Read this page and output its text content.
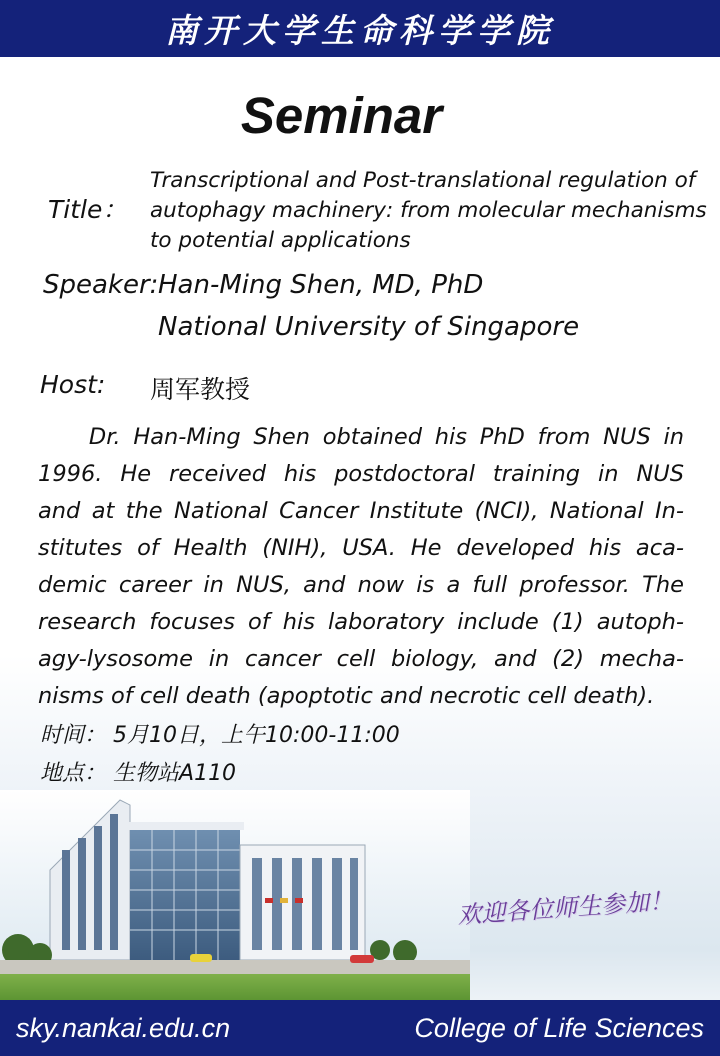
南开大学生命科学学院
Seminar
Title：
Transcriptional and Post-translational regulation of
autophagy machinery: from molecular mechanisms
to potential applications
Speaker: Han-Ming Shen, MD, PhD
National University of Singapore
Host: 周军教授
Dr. Han-Ming Shen obtained his PhD from NUS in
1996. He received his postdoctoral training in NUS
and at the National Cancer Institute (NCI), National In-
stitutes of Health (NIH), USA. He developed his aca-
demic career in NUS, and now is a full professor. The
research focuses of his laboratory include (1) autoph-
agy-lysosome in cancer cell biology, and (2) mecha-
nisms of cell death (apoptotic and necrotic cell death).
时间： 5月10日，上午10:00-11:00
地点： 生物站A110
欢迎各位师生参加！
sky.nankai.edu.cn	College of Life Sciences
